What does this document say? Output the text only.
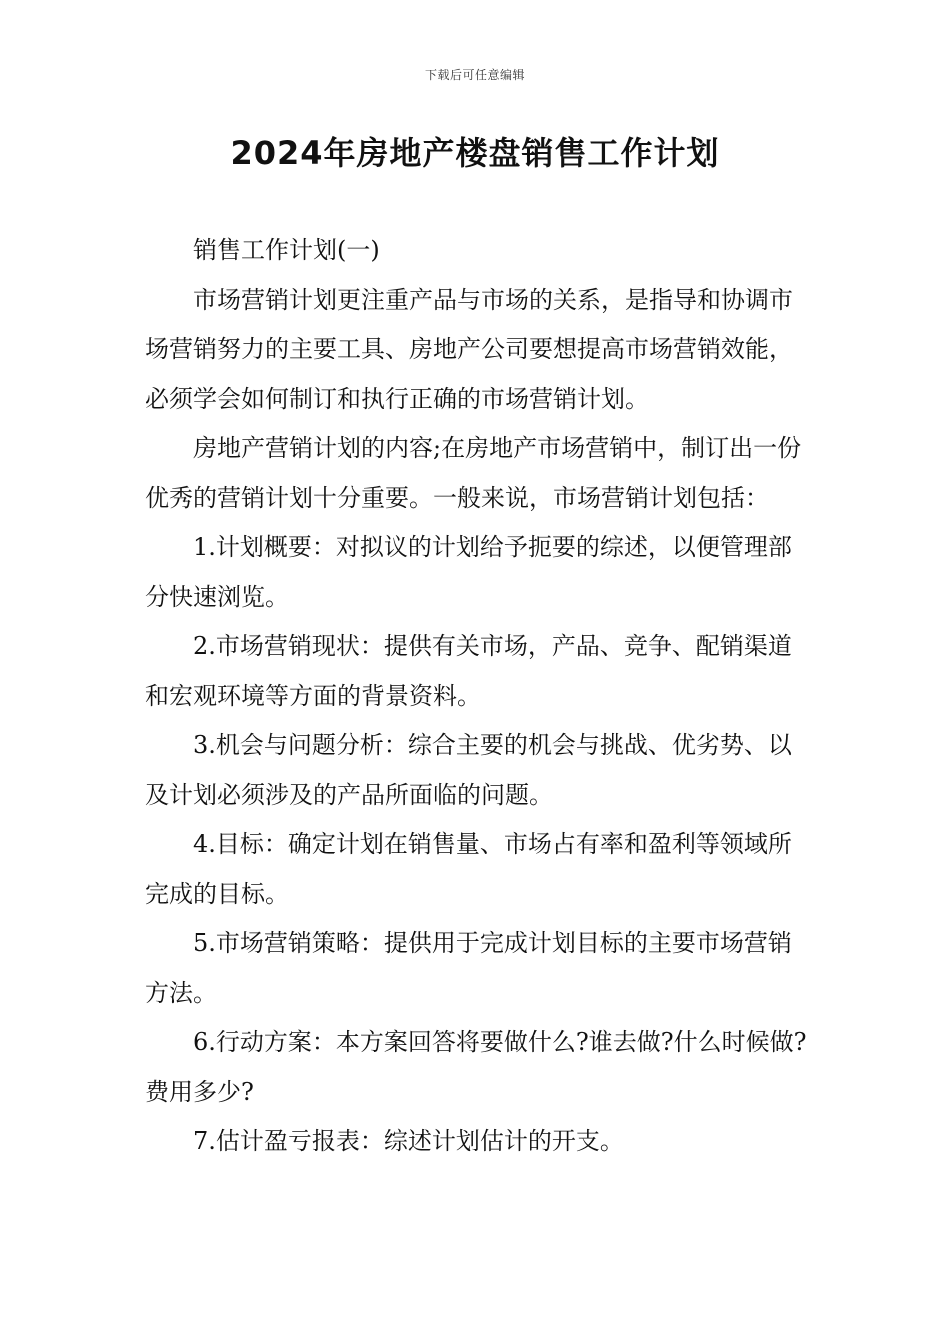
下载后可任意编辑
2024年房地产楼盘销售工作计划

销售工作计划(一)

市场营销计划更注重产品与市场的关系，是指导和协调市场营销努力的主要工具、房地产公司要想提高市场营销效能，必须学会如何制订和执行正确的市场营销计划。

房地产营销计划的内容;在房地产市场营销中，制订出一份优秀的营销计划十分重要。一般来说，市场营销计划包括：

1.计划概要：对拟议的计划给予扼要的综述，以便管理部分快速浏览。

2.市场营销现状：提供有关市场，产品、竞争、配销渠道和宏观环境等方面的背景资料。

3.机会与问题分析：综合主要的机会与挑战、优劣势、以及计划必须涉及的产品所面临的问题。

4.目标：确定计划在销售量、市场占有率和盈利等领域所完成的目标。

5.市场营销策略：提供用于完成计划目标的主要市场营销方法。

6.行动方案：本方案回答将要做什么?谁去做?什么时候做?费用多少?

7.估计盈亏报表：综述计划估计的开支。
